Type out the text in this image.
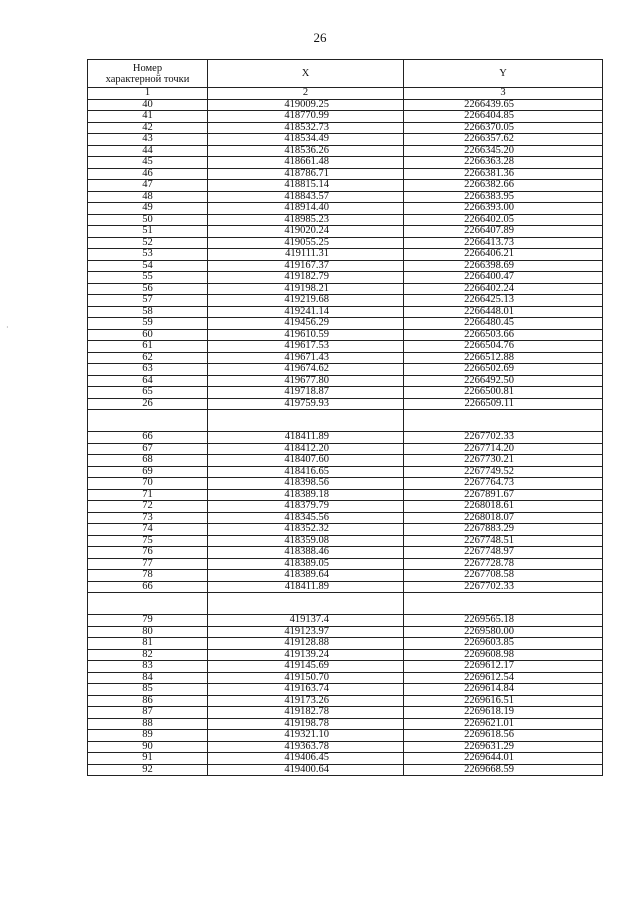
26
·
Номер
характерной точки	X	Y
1	2	3
40	419009.25	2266439.65
41	418770.99	2266404.85
42	418532.73	2266370.05
43	418534.49	2266357.62
44	418536.26	2266345.20
45	418661.48	2266363.28
46	418786.71	2266381.36
47	418815.14	2266382.66
48	418843.57	2266383.95
49	418914.40	2266393.00
50	418985.23	2266402.05
51	419020.24	2266407.89
52	419055.25	2266413.73
53	419111.31	2266406.21
54	419167.37	2266398.69
55	419182.79	2266400.47
56	419198.21	2266402.24
57	419219.68	2266425.13
58	419241.14	2266448.01
59	419456.29	2266480.45
60	419610.59	2266503.66
61	419617.53	2266504.76
62	419671.43	2266512.88
63	419674.62	2266502.69
64	419677.80	2266492.50
65	419718.87	2266500.81
26	419759.93	2266509.11

66	418411.89	2267702.33
67	418412.20	2267714.20
68	418407.60	2267730.21
69	418416.65	2267749.52
70	418398.56	2267764.73
71	418389.18	2267891.67
72	418379.79	2268018.61
73	418345.56	2268018.07
74	418352.32	2267883.29
75	418359.08	2267748.51
76	418388.46	2267748.97
77	418389.05	2267728.78
78	418389.64	2267708.58
66	418411.89	2267702.33

79	419137.4	2269565.18
80	419123.97	2269580.00
81	419128.88	2269603.85
82	419139.24	2269608.98
83	419145.69	2269612.17
84	419150.70	2269612.54
85	419163.74	2269614.84
86	419173.26	2269616.51
87	419182.78	2269618.19
88	419198.78	2269621.01
89	419321.10	2269618.56
90	419363.78	2269631.29
91	419406.45	2269644.01
92	419400.64	2269668.59
